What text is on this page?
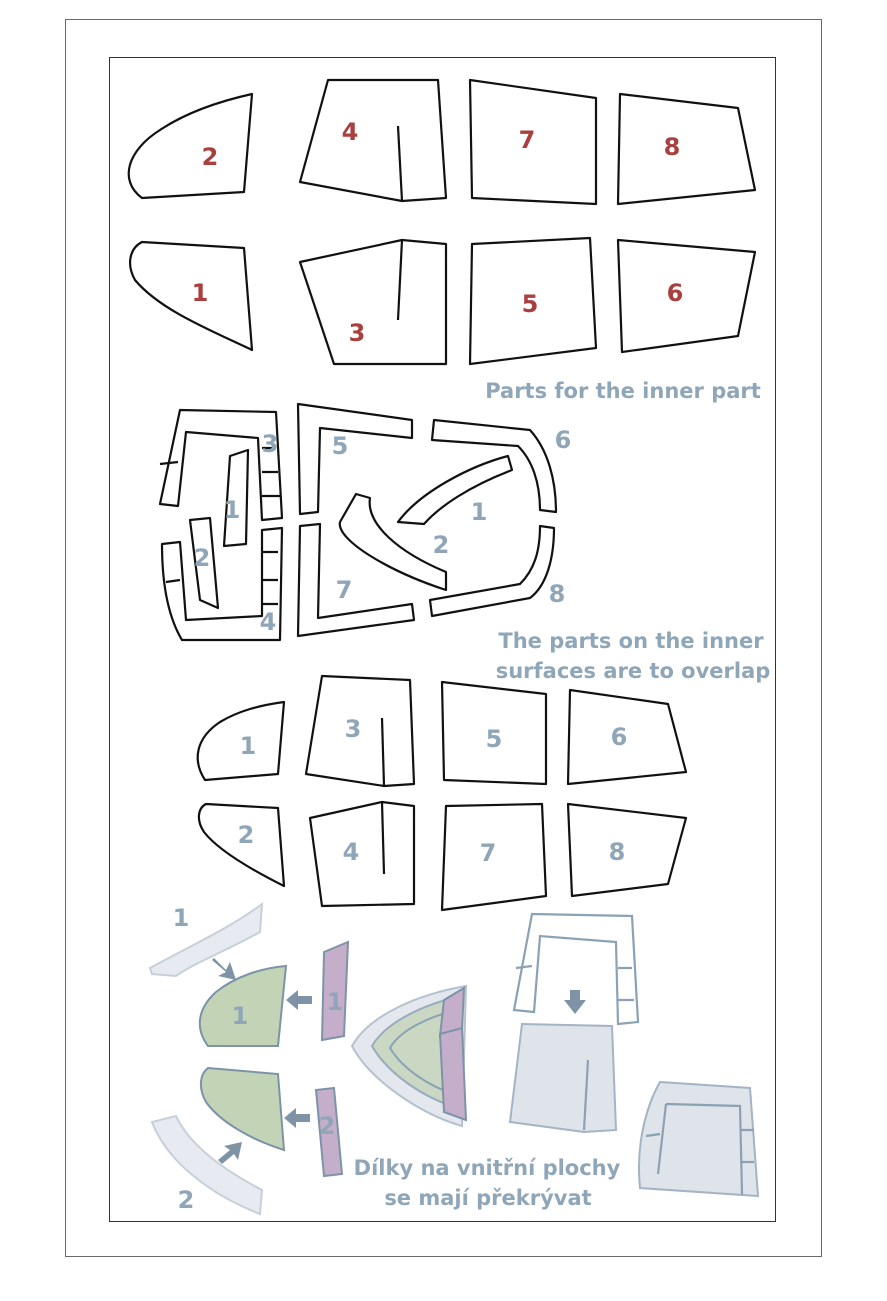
2
4	7	8
1
3
5	6
Parts for the inner part
3
1
2
4
5	6
1
2
7	8
The parts on the inner
surfaces are to overlap
1
3	5	6
2
4	7	8
1
1	1
2
2
Dílky na vnitřní plochy
se mají překrývat
